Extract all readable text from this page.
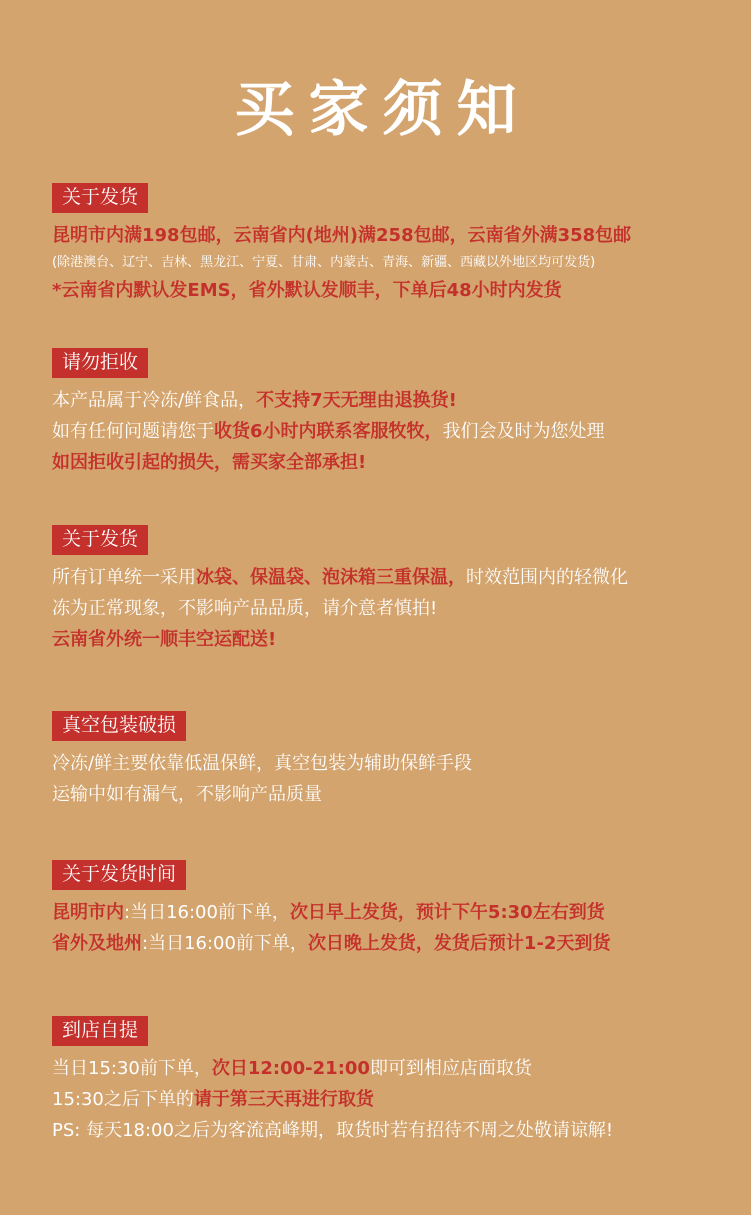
买家须知
关于发货
昆明市内满198包邮，云南省内(地州)满258包邮，云南省外满358包邮
(除港澳台、辽宁、吉林、黑龙江、宁夏、甘肃、内蒙古、青海、新疆、西藏以外地区均可发货)
*云南省内默认发EMS，省外默认发顺丰，下单后48小时内发货
请勿拒收
本产品属于冷冻/鲜食品，不支持7天无理由退换货!
如有任何问题请您于收货6小时内联系客服牧牧，我们会及时为您处理
如因拒收引起的损失，需买家全部承担!
关于发货
所有订单统一采用冰袋、保温袋、泡沫箱三重保温，时效范围内的轻微化
冻为正常现象，不影响产品品质，请介意者慎拍!
云南省外统一顺丰空运配送!
真空包装破损
冷冻/鲜主要依靠低温保鲜，真空包装为辅助保鲜手段
运输中如有漏气，不影响产品质量
关于发货时间
昆明市内:当日16:00前下单，次日早上发货，预计下午5:30左右到货
省外及地州:当日16:00前下单，次日晚上发货，发货后预计1-2天到货
到店自提
当日15:30前下单，次日12:00-21:00即可到相应店面取货
15:30之后下单的请于第三天再进行取货
PS: 每天18:00之后为客流高峰期，取货时若有招待不周之处敬请谅解!
